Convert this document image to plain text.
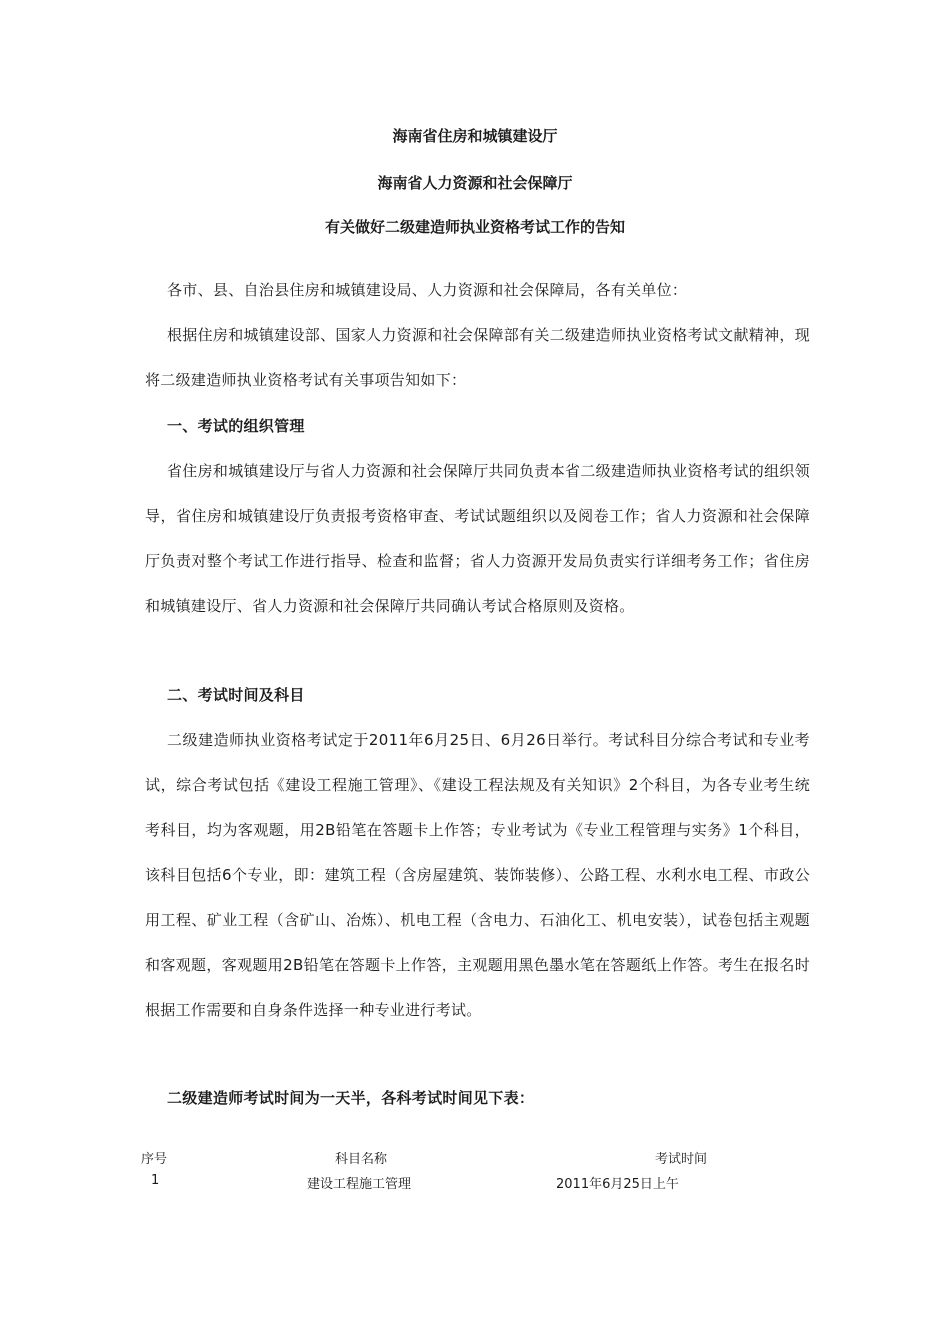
海南省住房和城镇建设厅
海南省人力资源和社会保障厅
有关做好二级建造师执业资格考试工作的告知
各市、县、自治县住房和城镇建设局、人力资源和社会保障局，各有关单位：
根据住房和城镇建设部、国家人力资源和社会保障部有关二级建造师执业资格考试文献精神，现将二级建造师执业资格考试有关事项告知如下：
一、考试的组织管理
省住房和城镇建设厅与省人力资源和社会保障厅共同负责本省二级建造师执业资格考试的组织领导，省住房和城镇建设厅负责报考资格审查、考试试题组织以及阅卷工作；省人力资源和社会保障厅负责对整个考试工作进行指导、检查和监督；省人力资源开发局负责实行详细考务工作；省住房和城镇建设厅、省人力资源和社会保障厅共同确认考试合格原则及资格。
二、考试时间及科目
二级建造师执业资格考试定于2011年6月25日、6月26日举行。考试科目分综合考试和专业考试，综合考试包括《建设工程施工管理》、《建设工程法规及有关知识》2个科目，为各专业考生统考科目，均为客观题，用2B铅笔在答题卡上作答；专业考试为《专业工程管理与实务》1个科目，该科目包括6个专业，即：建筑工程（含房屋建筑、装饰装修）、公路工程、水利水电工程、市政公用工程、矿业工程（含矿山、冶炼）、机电工程（含电力、石油化工、机电安装），试卷包括主观题和客观题，客观题用2B铅笔在答题卡上作答，主观题用黑色墨水笔在答题纸上作答。考生在报名时根据工作需要和自身条件选择一种专业进行考试。
二级建造师考试时间为一天半，各科考试时间见下表：
序号	科目名称	考试时间
1	建设工程施工管理	2011年6月25日上午
